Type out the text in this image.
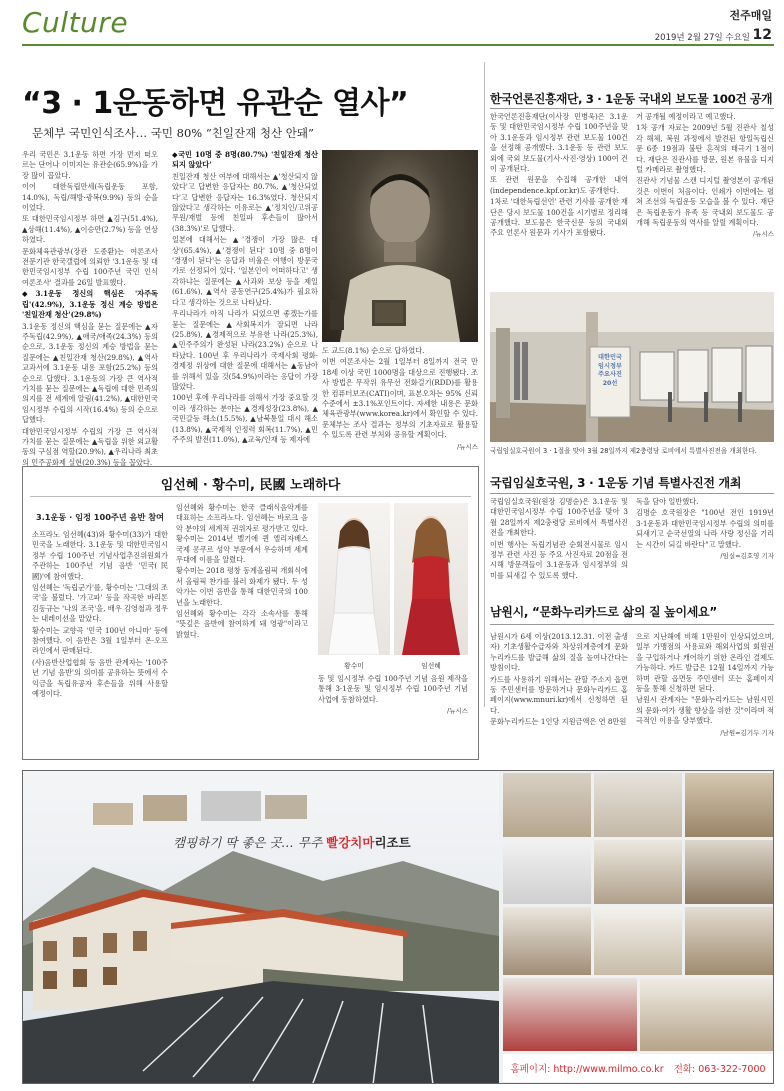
Culture	전주매일
2019년 2월 27일 수요일 12
“3 · 1운동하면 유관순 열사”
문체부 국민인식조사… 국민 80% “친일잔재 청산 안돼”

우리 국민은 3.1운동 하면 가장 먼저 떠오르는 단어나 이미지는 유관순(65.9%)을 가장 많이 꼽았다.

이어 대한독립만세(독립운동 포함, 14.0%), 독립/해방·광복(9.9%) 등의 순을 이었다.

또 대한민국임시정부 하면 ▲김구(51.4%), ▲상해(11.4%), ▲이승만(2.7%) 등을 연상하였다.

문화체육관광부(장관 도종환)는 여론조사 전문기관 한국갤럽에 의뢰한 '3.1운동 및 대한민국임시정부 수립 100주년 국민 인식 여론조사' 결과를 26일 발표했다.

◆3.1운동 정신의 핵심은 '자주독립'(42.9%), 3.1운동 정신 계승 방법은 '친일잔재 청산'(29.8%)

3.1운동 정신의 핵심을 묻는 질문에는 ▲자주독립(42.9%), ▲애국/애족(24.3%) 등의 순으로, 3.1운동 정신의 계승 방법을 묻는 질문에는 ▲친일잔재 청산(29.8%), ▲역사교과서에 3.1운동 내용 포함(25.2%) 등의 순으로 답했다. 3.1운동의 가장 큰 역사적 가치를 묻는 질문에는 ▲독립에 대한 민족의 의지를 전 세계에 알림(41.2%), ▲대한민국 임시정부 수립의 시작(16.4%) 등의 순으로 답했다.

대한민국임시정부 수립의 가장 큰 역사적 가치를 묻는 질문에는 ▲독립을 위한 외교활동의 구심점 역할(20.9%), ▲우리나라 최초의 민주공화제 실현(20.3%) 등을 꼽았다.

◆국민 10명 중 8명(80.7%) '친일잔재 청산 되지 않았다'

친일잔재 청산 여부에 대해서는 ▲'청산되지 않았다'고 답변한 응답자는 80.7%, ▲'청산되었다'고 답변한 응답자는 16.3%였다. 청산되지 않았다고 생각하는 이유로는 ▲'정치인/고위공무원/재벌 등에 친일파 후손들이 많아서(38.3%)'로 답했다.

일본에 대해서는 ▲'경쟁이 가장 많은 대상'(65.4%), ▲'경쟁이 된다' 10명 중 8명이 '경쟁이 된다'는 응답과 비율은 여행이 방문국가로 선정되어 있다. '일본인이 어떠하다고' 생각하냐는 질문에는 ▲사과와 보상 등을 제일(61.6%), ▲역사 공동연구(25.4%)가 필요하다고 생각하는 것으로 나타났다.

우리나라가 아직 나라가 되었으면 좋겠는가를 묻는 질문에는 ▲사회복지가 잘되면 나라(25.8%), ▲경제적으로 부유한 나라(25.3%), ▲민주주의가 완성된 나라(23.2%) 순으로 나타났다. 100년 후 우리나라가 국제사회 평화·경제정 위상에 대한 질문에 대해서는 ▲동남아를 위해서 있을 것(54.9%)이라는 응답이 가장 많았다.

100년 후에 우리나라를 위해서 가장 중요할 것이라 생각하는 분야는 ▲경제성장(23.8%), ▲국민갈등 해소(15.5%), ▲남북통일 대시 해소(13.8%), ▲국제적 인정력 회복(11.7%), ▲민주주의 발전(11.0%), ▲교육/인재 등 제자에

도 교드(8.1%) 순으로 답하였다.

이번 여론조사는 2월 1일부터 8일까지 전국 만 18세 이상 국민 1000명을 대상으로 진행됐다. 조사 방법은 무작위 유무선 전화걸기(RDD)를 활용한 컴퓨터보조(CATI)이며, 표본오차는 95% 신뢰 수준에서 ±3.1%포인트이다. 자세한 내용은 문화체육관광부(www.korea.kr)에서 확인할 수 있다. 문체부는 조사 결과는 정부의 기초자료로 활용할 수 있도록 관련 부처와 공유할 계획이다.

/뉴시스
한국언론진흥재단, 3 · 1운동 국내외 보도물 100건 공개

한국언론진흥재단(이사장 민병욱)은 3.1운동 및 대한민국임시정부 수립 100주년을 맞아 3.1운동과 임시정부 관련 보도물 100건을 선정해 공개했다. 3.1운동 등 관련 보도 외에 국외 보도물(기사·사진·영상) 100여 건이 공개된다.

또 관련 원문을 수집해 공개한 내역(independence.kpf.or.kr)도 공개한다.

1차로 '대한독립선언' 관련 기사를 공개한 재단은 당시 보도물 100건을 시기별로 정리해 공개했다. 보도물은 한국신문 등의 국내외 주요 언론사 원문과 기사가 포함됐다.

거 공개될 예정이라고 예고했다.

1차 공개 자료는 2009년 5월 진관사 칠성각 해체, 복원 과정에서 발견된 항일독립신문 6종 19점과 불탄 흔적의 태극기 1점이다. 재단은 진관사를 방문, 원본 유물을 디지털 카메라로 촬영했다.

진관사 기념물 스캔 디지털 촬영본이 공개된 것은 이번이 처음이다. 인쇄가 이번에는 펼쳐 조선의 독립운동 모습을 볼 수 있다. 재단은 독립운동가 유족 등 국내외 보도물도 공개해 독립운동의 역사를 알릴 계획이다.

/뉴시스
대한민국
임시정부
주요사진
20선
국립임실호국원이 3 · 1절을 맞아 3월 28일까지 제2충령당 로비에서 특별사진전을 개최한다.
국립임실호국원, 3 · 1운동 기념 특별사진전 개최

국립임실호국원(원장 김명순)은 3.1운동 및 대한민국임시정부 수립 100주년을 맞아 3월 28일까지 제2충령당 로비에서 특별사진전을 개최한다.

이번 행사는 독립기념관 순회전시물로 임시정부 관련 사진 등 주요 사진자료 20점을 전시해 방문객들이 3.1운동과 임시정부의 의미를 되새길 수 있도록 했다.

독을 담아 일반했다.

김명순 호국원장은 "100년 전인 1919년 3·1운동과 대한민국임시정부 수립의 의미를 되새기고 순국선열의 나라 사랑 정신을 기리는 시간이 되길 바란다"고 말했다.

/임실=김호영 기자
임선혜 · 황수미, 民國 노래하다
3.1운동 · 임정 100주년 음반 참여

소프라노 임선혜(43)와 황수미(33)가 대한민국을 노래한다. 3.1운동 및 대한민국임시정부 수립 100주년 기념사업추진위원회가 주관하는 100주년 기념 음반 '민국(民國)'에 참여했다.

임선혜는 '독립군가'를, 황수미는 '그대의 조국'을 불렀다. '가고파' 등을 작곡한 바리톤 김동규는 '나의 조국'을, 배우 김영철과 정우는 내레이션을 맡았다.

황수미는 교향곡 '민국 100년 아니마' 등에 참여했다. 이 음반은 3월 1일부터 온·오프라인에서 판매된다.

(사)음반산업협회 등 음반 관계자는 '100주년 기념 음반'의 의미를 공유하는 뜻에서 수익금을 독립유공자 후손들을 위해 사용할 예정이다.

임선혜와 황수미는 한국 클래식음악계를 대표하는 소프라노다. 임선혜는 바로크 음악 분야의 세계적 권위자로 평가받고 있다. 황수미는 2014년 벨기에 퀸 엘리자베스 국제 콩쿠르 성악 부문에서 우승하며 세계무대에 이름을 알렸다.

황수미는 2018 평창 동계올림픽 개회식에서 올림픽 찬가를 불러 화제가 됐다. 두 성악가는 이번 음반을 통해 대한민국의 100년을 노래한다.

임선혜와 황수미는 각각 소속사를 통해 "뜻깊은 음반에 참여하게 돼 영광"이라고 밝혔다.

황수미	임선혜

동 및 임시정부 수립 100주년 기념 음원 제작을 통해 3·1운동 및 임시정부 수립 100주년 기념 사업에 동참하였다.

/뉴시스
남원시, “문화누리카드로 삶의 질 높이세요”

남원시가 6세 이상(2013.12.31. 이전 출생자) 기초생활수급자와 차상위계층에게 문화누리카드를 발급해 삶의 질을 높여나간다는 방침이다.

카드를 사용하기 위해서는 관할 주소지 읍면동 주민센터를 방문하거나 문화누리카드 홈페이지(www.mnuri.kr)에서 신청하면 된다.

문화누리카드는 1인당 지원금액은 연 8만원

으로 지난해에 비해 1만원이 인상되었으며, 일부 가맹점의 사용료와 해외사업의 회원권을 구입하거나 캐어하기 위한 온라인 결제도 가능하다. 카드 발급은 12월 14일까지 가능하며 관할 읍면동 주민센터 또는 홈페이지 등을 통해 신청하면 된다.

남원시 관계자는 "문화누리카드는 남원시민의 문화·여가 생활 향상을 위한 것"이라며 적극적인 이용을 당부했다.

/남원=김기두 기자
캠핑하기 딱 좋은 곳… 무주 빨강치마리조트
홈페이지: http://www.milmo.co.kr 전화: 063-322-7000
